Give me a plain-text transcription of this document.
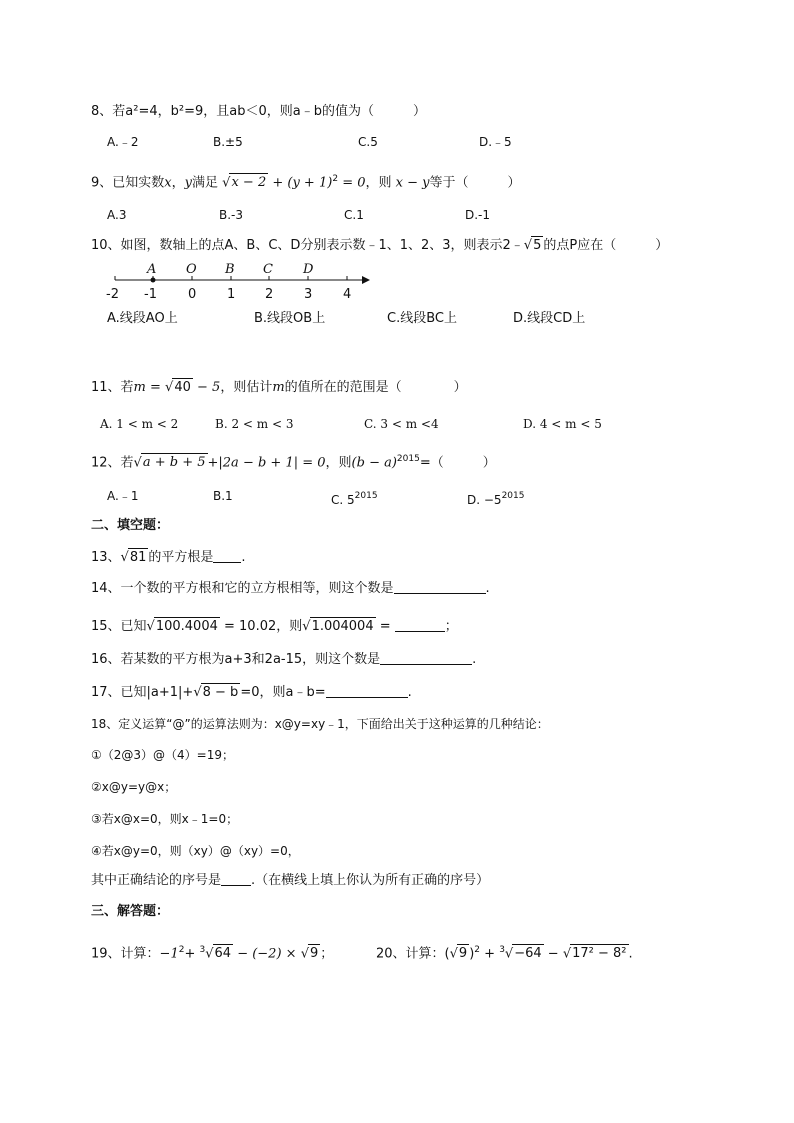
8、若a²=4，b²=9，且ab＜0，则a﹣b的值为（　　　）
A.﹣2	B.±5	C.5	D.﹣5
9、已知实数x，y满足 $√x - 2 + (y + 1)^2 = 0$，则 x − y等于（　　　）
A.3	B.-3	C.1	D.-1
10、如图，数轴上的点A、B、C、D分别表示数﹣1、1、2、3，则表示2﹣√5 的点P应在（　　　）
-2 -1 0 1 2 3 4
A O B C D
A.线段AO上	B.线段OB上	C.线段BC上	D.线段CD上
11、若m = √40 − 5，则估计m的值所在的范围是（　　　　）
A. 1 < m < 2	B. 2 < m < 3	C. 3 < m <4	D. 4 < m < 5
12、若√a + b + 5 +|2a − b + 1| = 0，则$(b - a)^{2015}=$（　　　）
A.﹣1	B.1	C. $5^{2015}$	D. $-5^{2015}$
二、填空题：
13、√81 的平方根是 .
14、一个数的平方根和它的立方根相等，则这个数是	.
15、已知√100.4004 = 10.02，则√1.004004 =	；
16、若某数的平方根为a+3和2a-15，则这个数是	.
17、已知|a+1|+√8 − b =0，则a﹣b=	.
18、定义运算“@”的运算法则为：x@y=xy﹣1，下面给出关于这种运算的几种结论：
①（2@3）@（4）=19；
②x@y=y@x；
③若x@x=0，则x﹣1=0；
④若x@y=0，则（xy）@（xy）=0，
其中正确结论的序号是 .（在横线上填上你认为所有正确的序号）
三、解答题：
19、计算：$-1^2+ ^3√64 - (-2) \times √9$ ；	20、计算：(√9 )$^2$ + $^3$√−64 − √17² − 8² .
